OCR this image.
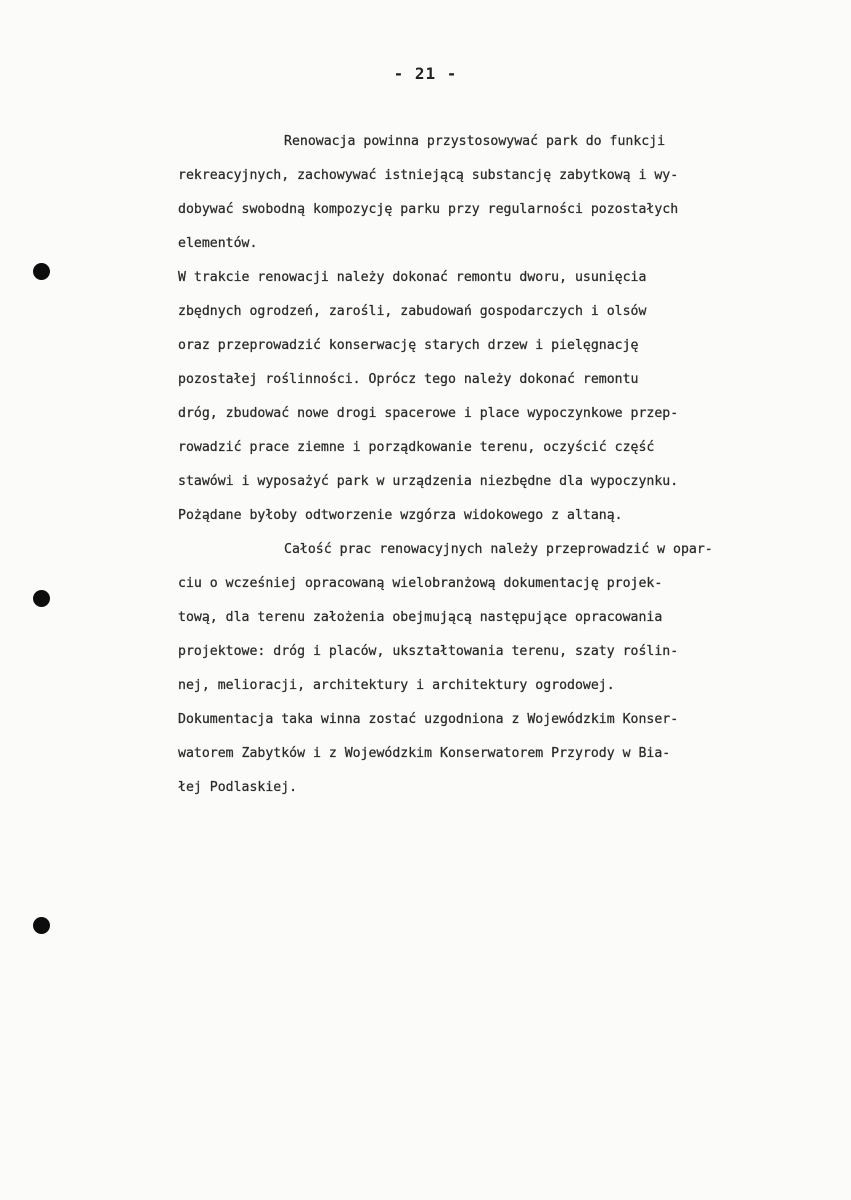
- 21 -

Renowacja powinna przystosowywać park do funkcji
rekreacyjnych, zachowywać istniejącą substancję zabytkową i wy-
dobywać swobodną kompozycję parku przy regularności pozostałych
elementów.
W trakcie renowacji należy dokonać remontu dworu, usunięcia
zbędnych ogrodzeń, zarośli, zabudowań gospodarczych i olsów
oraz przeprowadzić konserwację starych drzew i pielęgnację
pozostałej roślinności. Oprócz tego należy dokonać remontu
dróg, zbudować nowe drogi spacerowe i place wypoczynkowe przep-
rowadzić prace ziemne i porządkowanie terenu, oczyścić część
stawówi i wyposażyć park w urządzenia niezbędne dla wypoczynku.
Pożądane byłoby odtworzenie wzgórza widokowego z altaną.
Całość prac renowacyjnych należy przeprowadzić w opar-
ciu o wcześniej opracowaną wielobranżową dokumentację projek-
tową, dla terenu założenia obejmującą następujące opracowania
projektowe: dróg i placów, ukształtowania terenu, szaty roślin-
nej, melioracji, architektury i architektury ogrodowej.
Dokumentacja taka winna zostać uzgodniona z Wojewódzkim Konser-
watorem Zabytków i z Wojewódzkim Konserwatorem Przyrody w Bia-
łej Podlaskiej.
